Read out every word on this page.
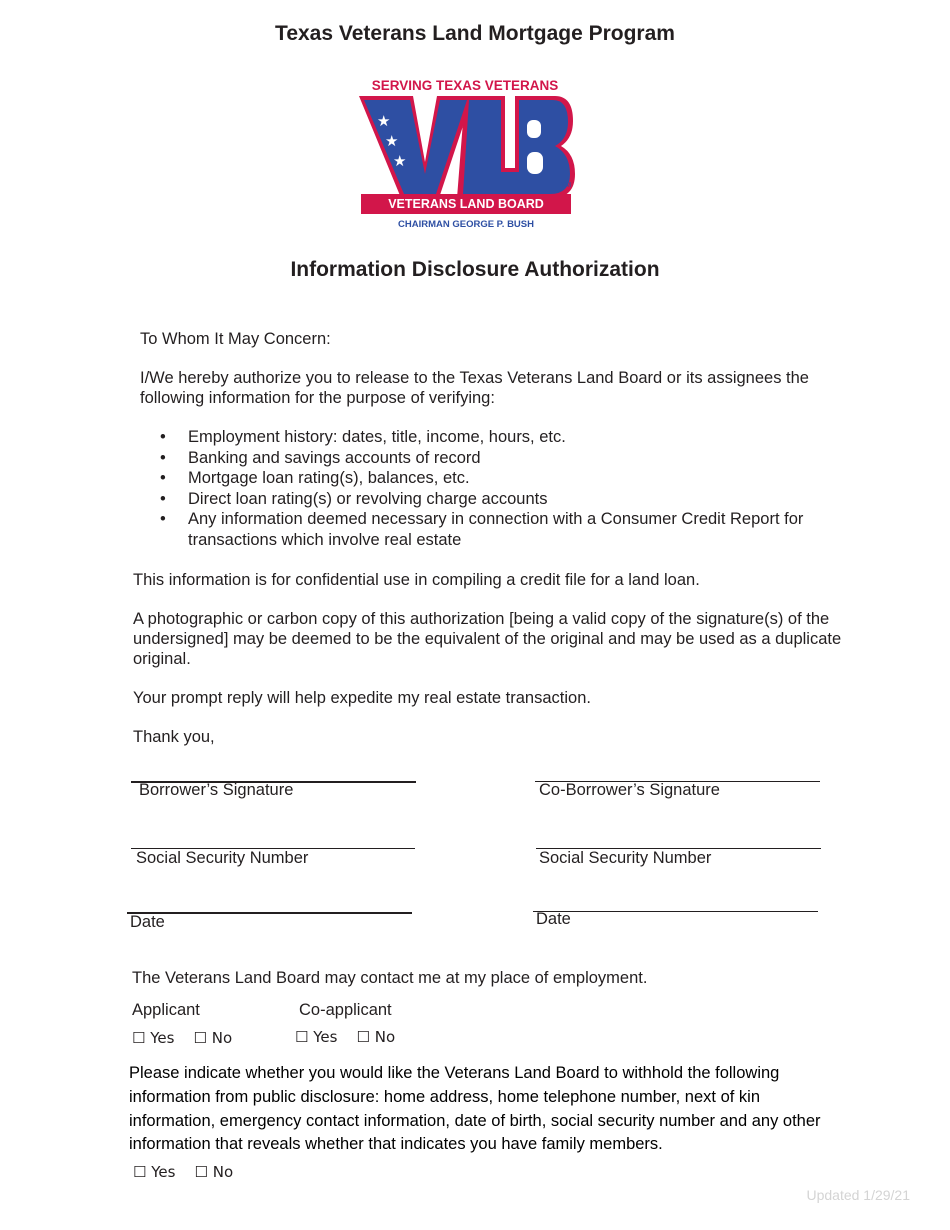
Texas Veterans Land Mortgage Program
SERVING TEXAS VETERANS
★
★
★
TM
VETERANS LAND BOARD
CHAIRMAN GEORGE P. BUSH
Information Disclosure Authorization
To Whom It May Concern:
I/We hereby authorize you to release to the Texas Veterans Land Board or its assignees the
following information for the purpose of verifying:
• Employment history: dates, title, income, hours, etc.
• Banking and savings accounts of record
• Mortgage loan rating(s), balances, etc.
• Direct loan rating(s) or revolving charge accounts
• Any information deemed necessary in connection with a Consumer Credit Report for transactions which involve real estate
This information is for confidential use in compiling a credit file for a land loan.
A photographic or carbon copy of this authorization [being a valid copy of the signature(s) of the
undersigned] may be deemed to be the equivalent of the original and may be used as a duplicate
original.
Your prompt reply will help expedite my real estate transaction.
Thank you,
Borrower’s Signature	Co-Borrower’s Signature
Social Security Number	Social Security Number
Date	Date
The Veterans Land Board may contact me at my place of employment.
Applicant	Co-applicant
☐ Yes ☐ No	☐ Yes ☐ No
Please indicate whether you would like the Veterans Land Board to withhold the following
information from public disclosure: home address, home telephone number, next of kin
information, emergency contact information, date of birth, social security number and any other
information that reveals whether that indicates you have family members.
☐ Yes ☐ No
Updated 1/29/21
